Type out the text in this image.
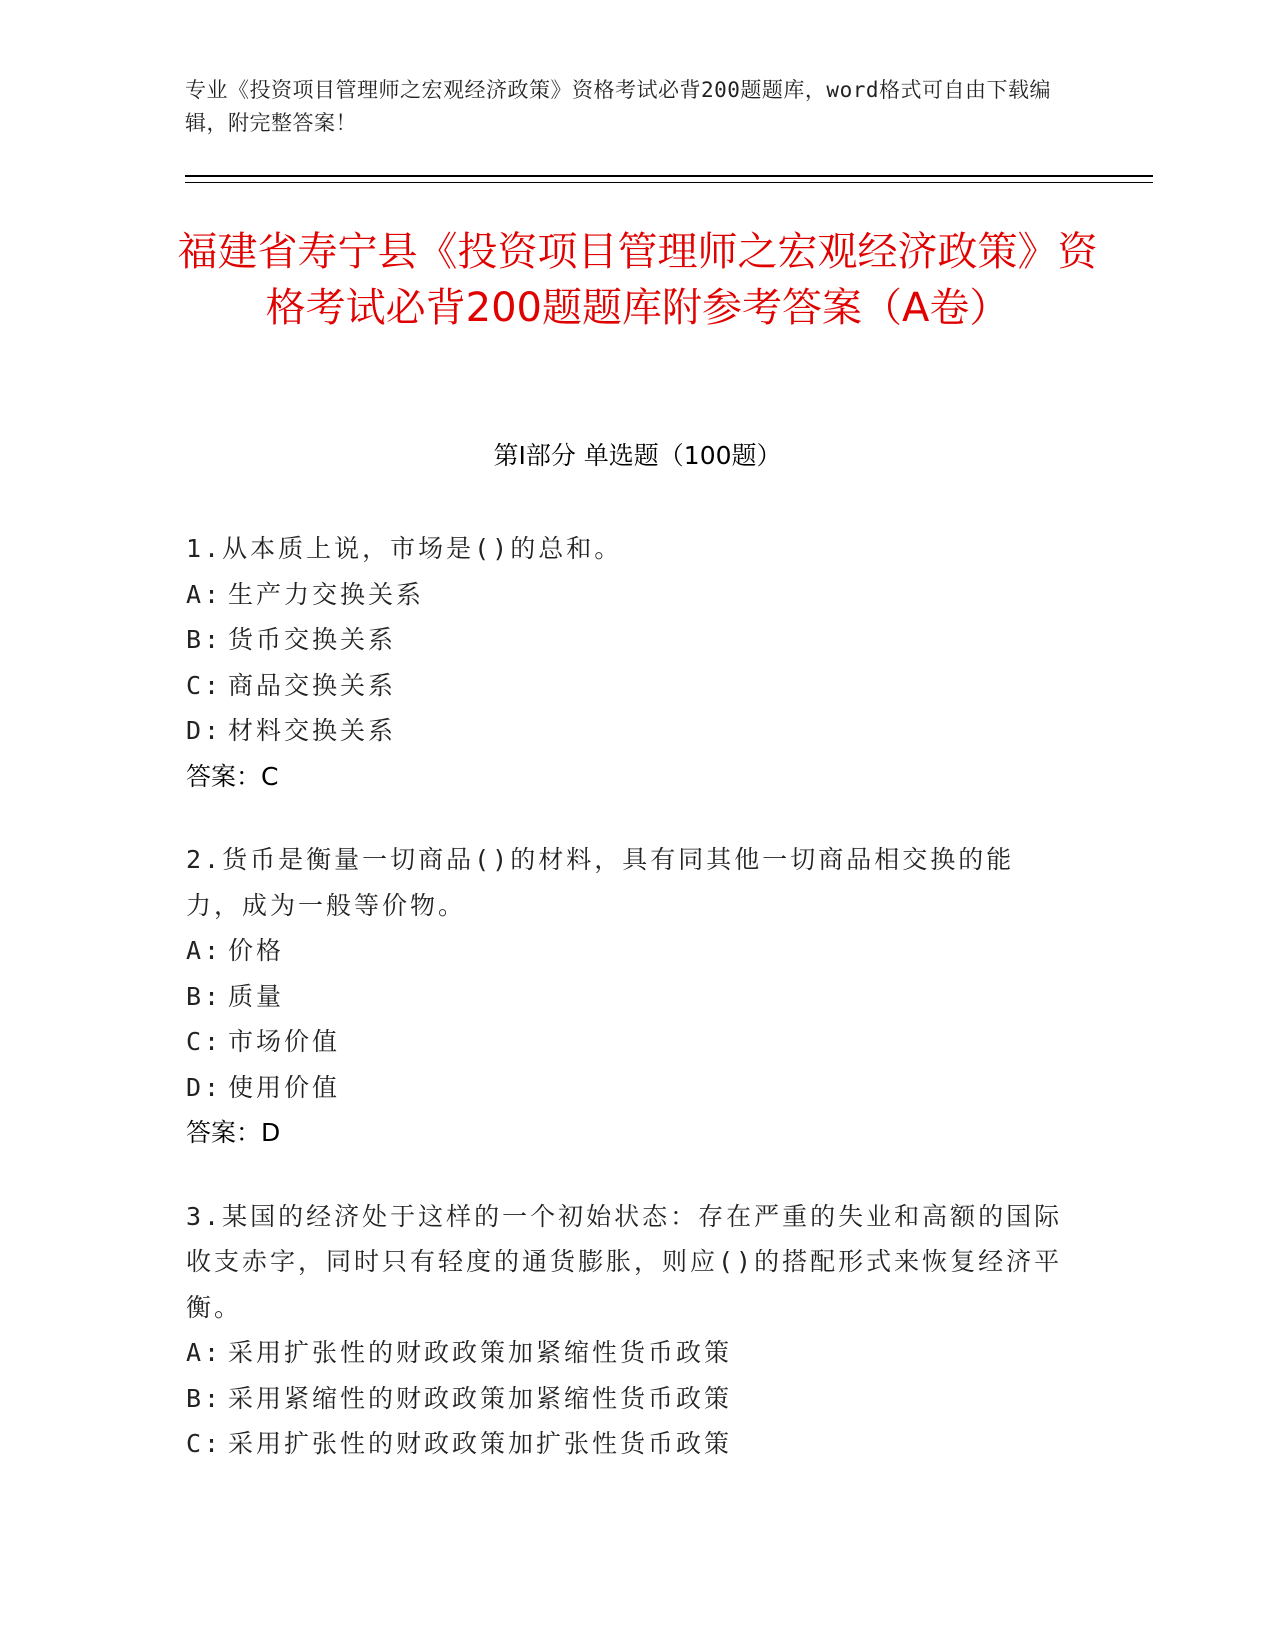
专业《投资项目管理师之宏观经济政策》资格考试必背200题题库，word格式可自由下载编辑，附完整答案！
福建省寿宁县《投资项目管理师之宏观经济政策》资格考试必背200题题库附参考答案（A卷）
第I部分 单选题（100题）
1.从本质上说，市场是()的总和。
A: 生产力交换关系
B: 货币交换关系
C: 商品交换关系
D: 材料交换关系
答案：C
2.货币是衡量一切商品()的材料，具有同其他一切商品相交换的能力，成为一般等价物。
A: 价格
B: 质量
C: 市场价值
D: 使用价值
答案：D
3.某国的经济处于这样的一个初始状态：存在严重的失业和高额的国际收支赤字，同时只有轻度的通货膨胀，则应()的搭配形式来恢复经济平衡。
A: 采用扩张性的财政政策加紧缩性货币政策
B: 采用紧缩性的财政政策加紧缩性货币政策
C: 采用扩张性的财政政策加扩张性货币政策
